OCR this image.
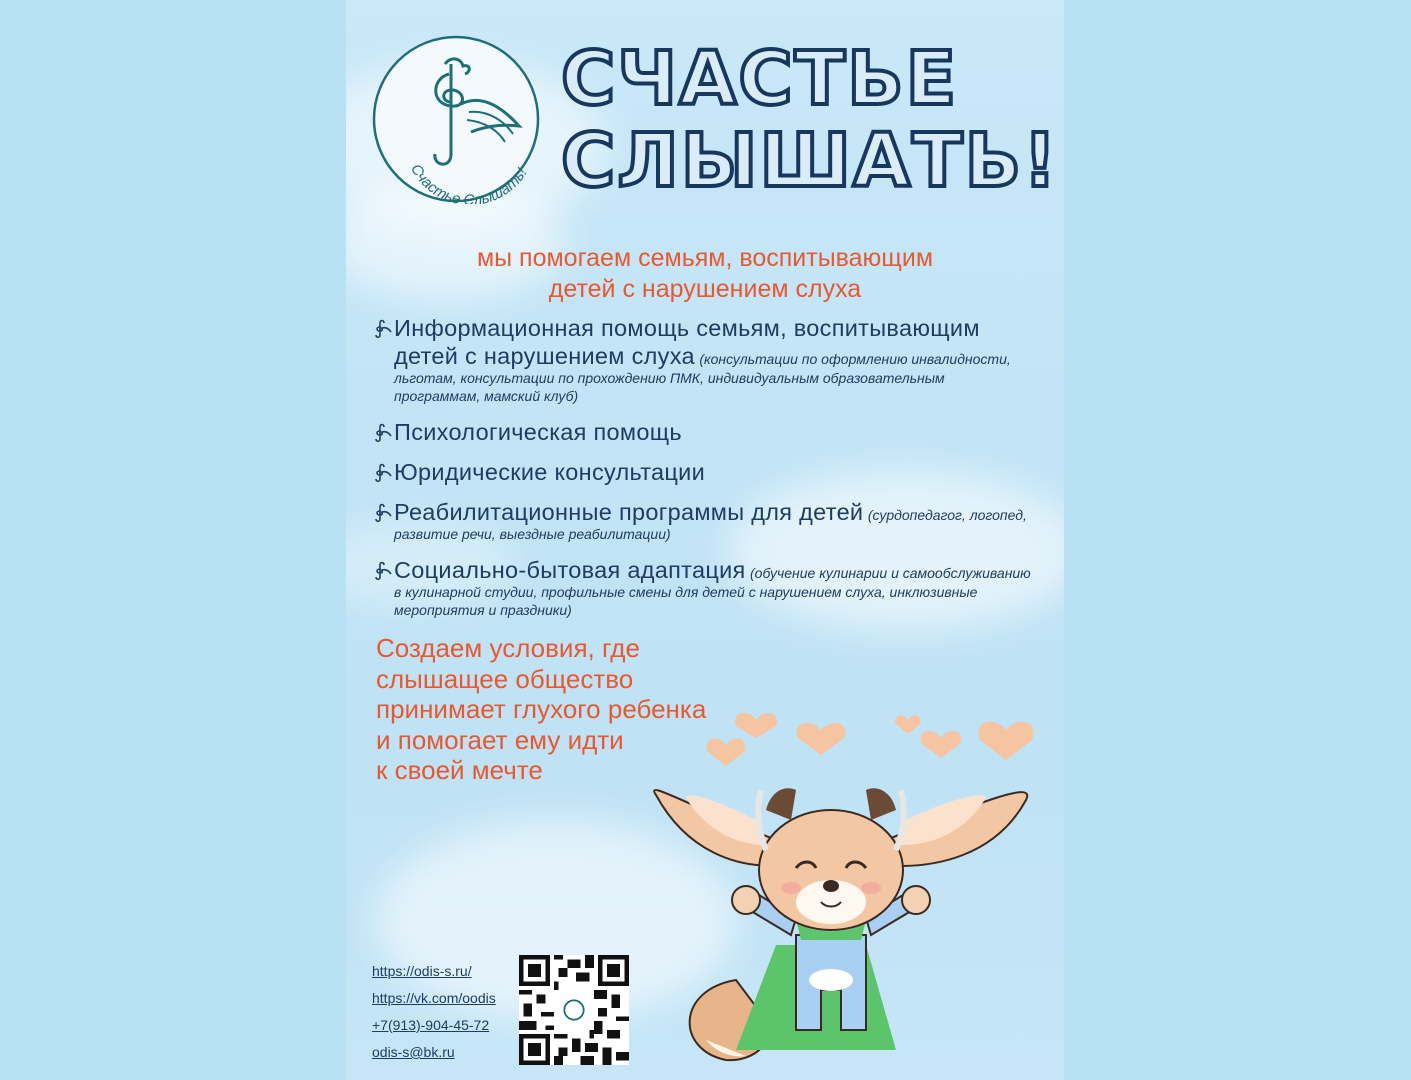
Счастье Слышать!
СЧАСТЬЕ
СЛЫШАТЬ!
мы помогаем семьям, воспитывающим
детей с нарушением слуха
Информационная помощь семьям, воспитывающим детей с нарушением слуха (консультации по оформлению инвалидности, льготам, консультации по прохождению ПМК, индивидуальным образовательным программам, мамский клуб)
Психологическая помощь
Юридические консультации
Реабилитационные программы для детей (сурдопедагог, логопед, развитие речи, выездные реабилитации)
Социально-бытовая адаптация (обучение кулинарии и самообслуживанию в кулинарной студии, профильные смены для детей с нарушением слуха, инклюзивные мероприятия и праздники)
Создаем условия, где
слышащее общество
принимает глухого ребенка
и помогает ему идти
к своей мечте
https://odis-s.ru/
https://vk.com/oodis
+7(913)-904-45-72
odis-s@bk.ru
